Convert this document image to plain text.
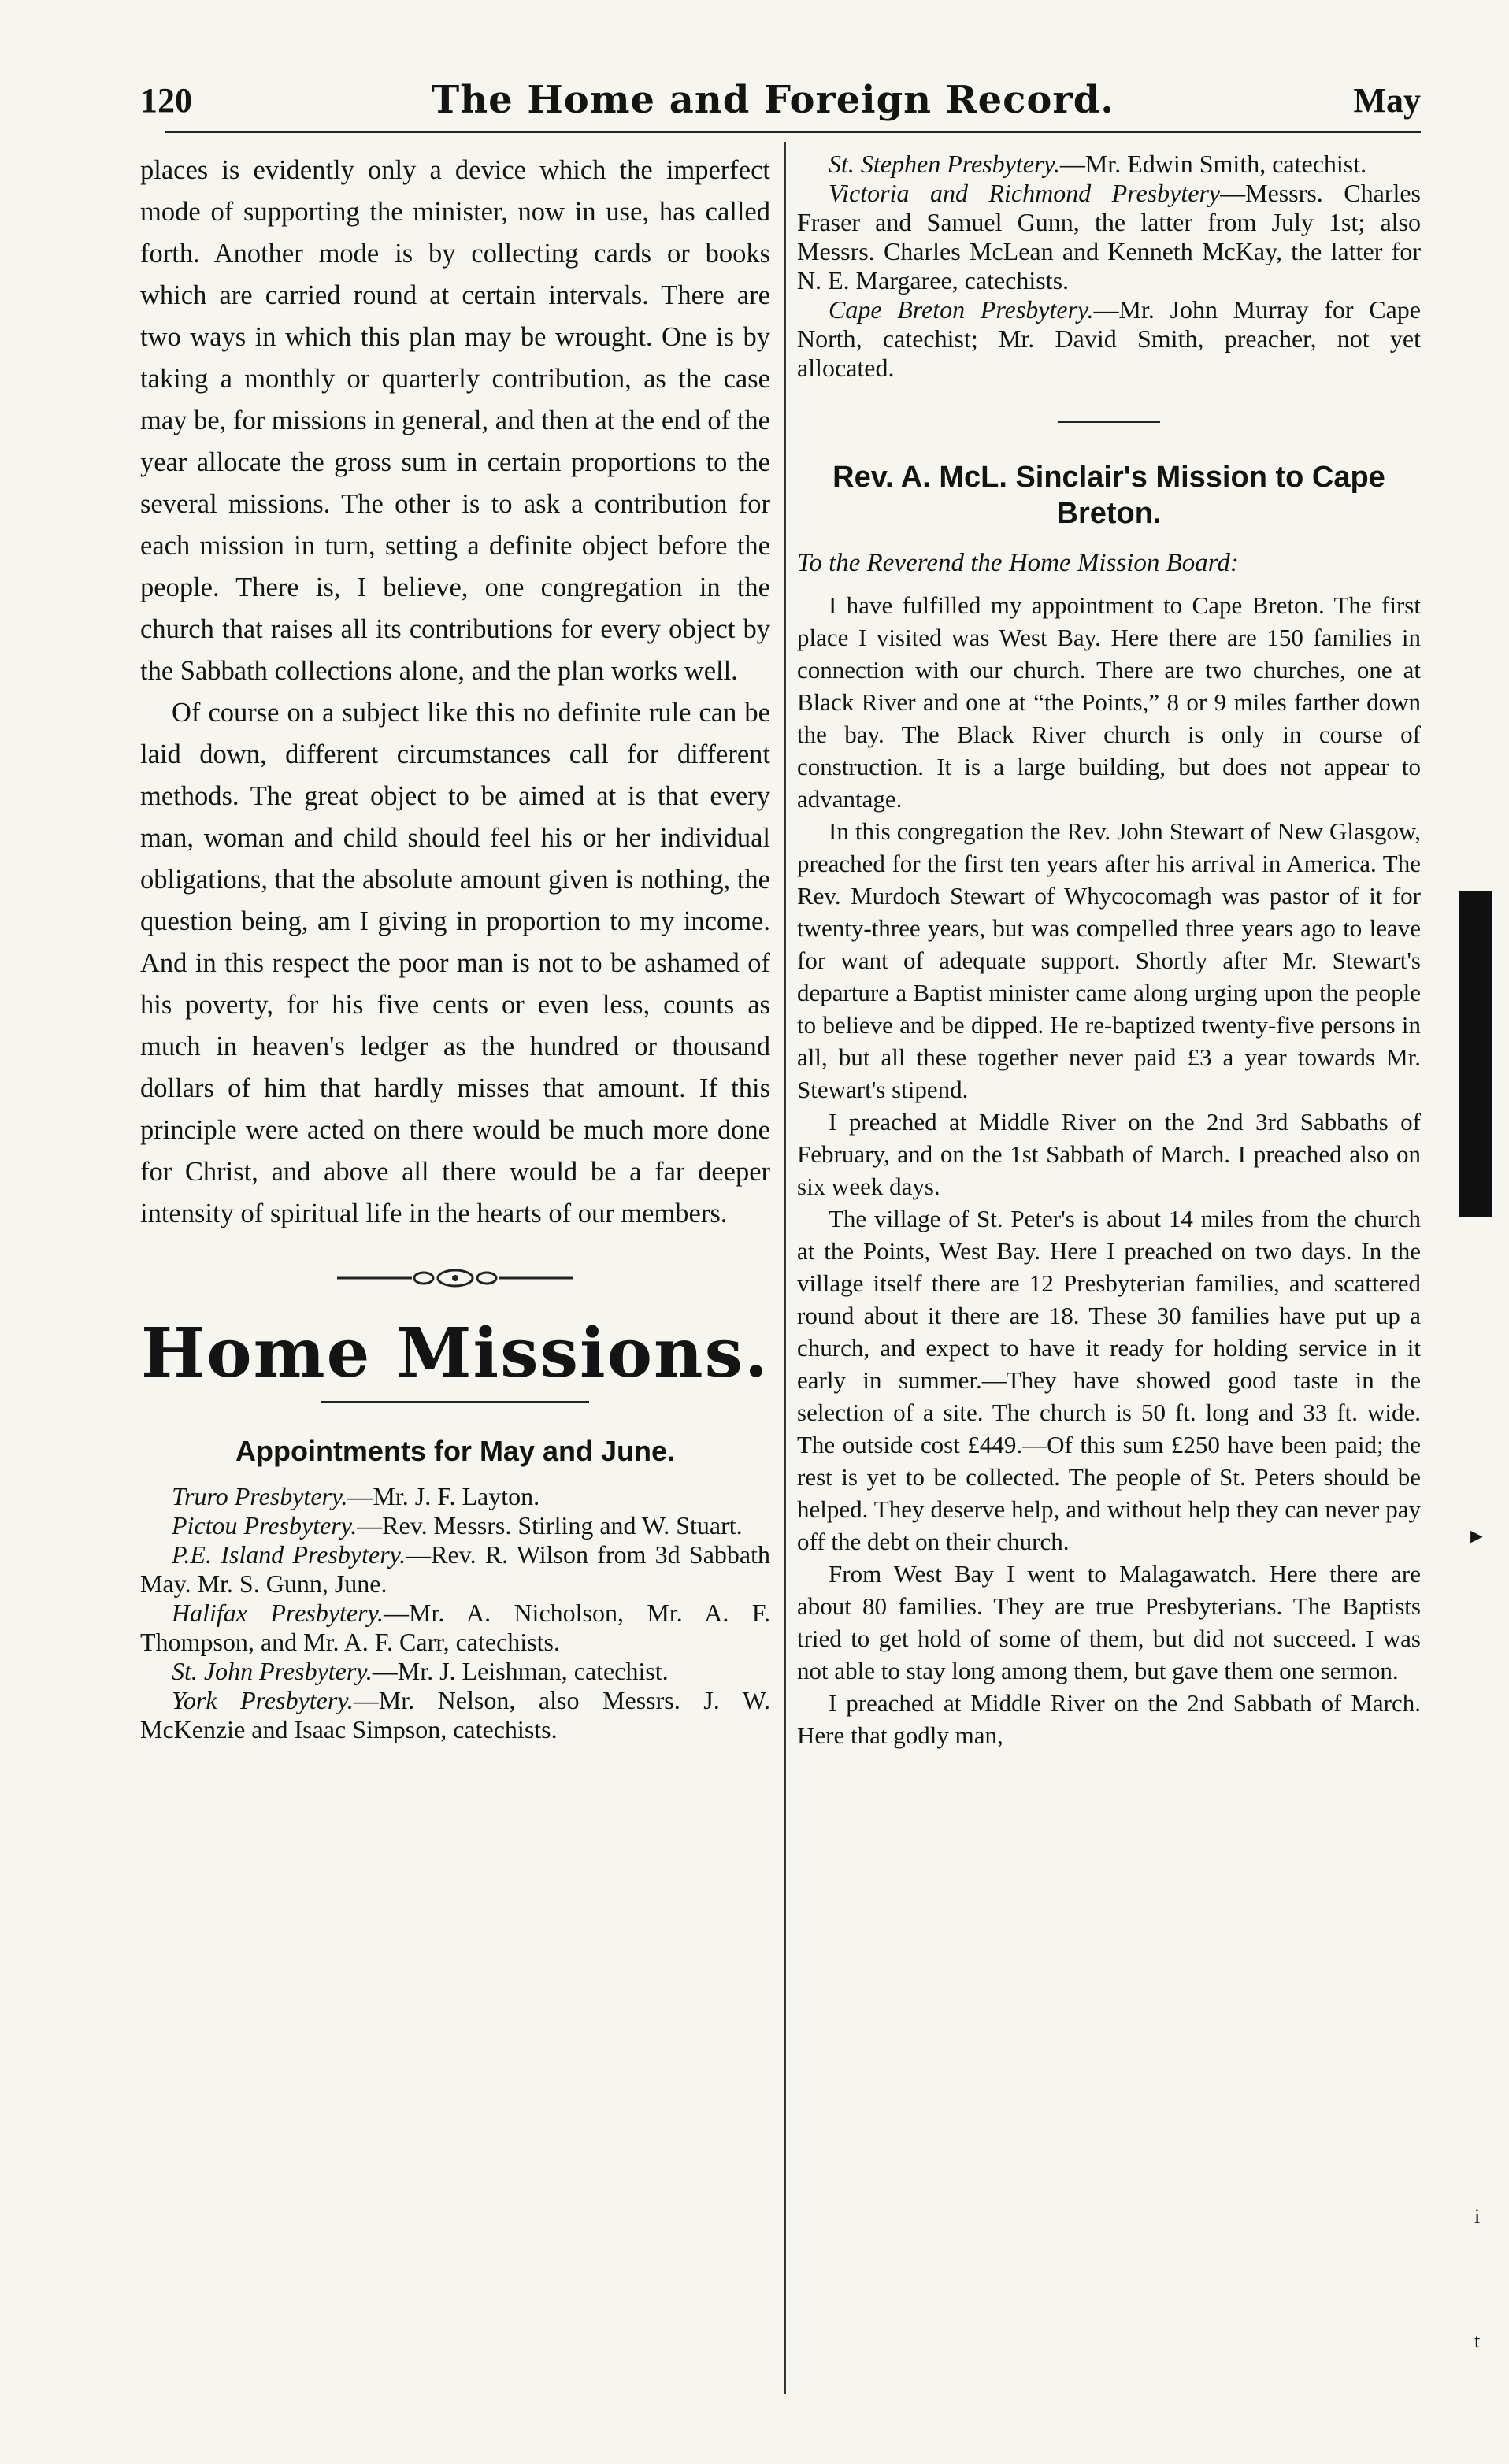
120	The Home and Foreign Record.	May

places is evidently only a device which the imperfect mode of supporting the minister, now in use, has called forth. Another mode is by collecting cards or books which are carried round at certain intervals. There are two ways in which this plan may be wrought. One is by taking a monthly or quarterly contribution, as the case may be, for missions in general, and then at the end of the year allocate the gross sum in certain proportions to the several missions. The other is to ask a contribution for each mission in turn, setting a definite object before the people. There is, I believe, one congregation in the church that raises all its contributions for every object by the Sabbath collections alone, and the plan works well.

Of course on a subject like this no definite rule can be laid down, different circumstances call for different methods. The great object to be aimed at is that every man, woman and child should feel his or her individual obligations, that the absolute amount given is nothing, the question being, am I giving in proportion to my income. And in this respect the poor man is not to be ashamed of his poverty, for his five cents or even less, counts as much in heaven's ledger as the hundred or thousand dollars of him that hardly misses that amount. If this principle were acted on there would be much more done for Christ, and above all there would be a far deeper intensity of spiritual life in the hearts of our members.

Home Missions.
Appointments for May and June.

Truro Presbytery.—Mr. J. F. Layton.

Pictou Presbytery.—Rev. Messrs. Stirling and W. Stuart.

P.E. Island Presbytery.—Rev. R. Wilson from 3d Sabbath May. Mr. S. Gunn, June.

Halifax Presbytery.—Mr. A. Nicholson, Mr. A. F. Thompson, and Mr. A. F. Carr, catechists.

St. John Presbytery.—Mr. J. Leishman, catechist.

York Presbytery.—Mr. Nelson, also Messrs. J. W. McKenzie and Isaac Simpson, catechists.

St. Stephen Presbytery.—Mr. Edwin Smith, catechist.

Victoria and Richmond Presbytery—Messrs. Charles Fraser and Samuel Gunn, the latter from July 1st; also Messrs. Charles McLean and Kenneth McKay, the latter for N. E. Margaree, catechists.

Cape Breton Presbytery.—Mr. John Murray for Cape North, catechist; Mr. David Smith, preacher, not yet allocated.

Rev. A. McL. Sinclair's Mission to Cape Breton.
To the Reverend the Home Mission Board:

I have fulfilled my appointment to Cape Breton. The first place I visited was West Bay. Here there are 150 families in connection with our church. There are two churches, one at Black River and one at “the Points,” 8 or 9 miles farther down the bay. The Black River church is only in course of construction. It is a large building, but does not appear to advantage.

In this congregation the Rev. John Stewart of New Glasgow, preached for the first ten years after his arrival in America. The Rev. Murdoch Stewart of Whycocomagh was pastor of it for twenty-three years, but was compelled three years ago to leave for want of adequate support. Shortly after Mr. Stewart's departure a Baptist minister came along urging upon the people to believe and be dipped. He re-baptized twenty-five persons in all, but all these together never paid £3 a year towards Mr. Stewart's stipend.

I preached at Middle River on the 2nd 3rd Sabbaths of February, and on the 1st Sabbath of March. I preached also on six week days.

The village of St. Peter's is about 14 miles from the church at the Points, West Bay. Here I preached on two days. In the village itself there are 12 Presbyterian families, and scattered round about it there are 18. These 30 families have put up a church, and expect to have it ready for holding service in it early in summer.—They have showed good taste in the selection of a site. The church is 50 ft. long and 33 ft. wide. The outside cost £449.—Of this sum £250 have been paid; the rest is yet to be collected. The people of St. Peters should be helped. They deserve help, and without help they can never pay off the debt on their church.

From West Bay I went to Malagawatch. Here there are about 80 families. They are true Presbyterians. The Baptists tried to get hold of some of them, but did not succeed. I was not able to stay long among them, but gave them one sermon.

I preached at Middle River on the 2nd Sabbath of March. Here that godly man,

►
i
t
